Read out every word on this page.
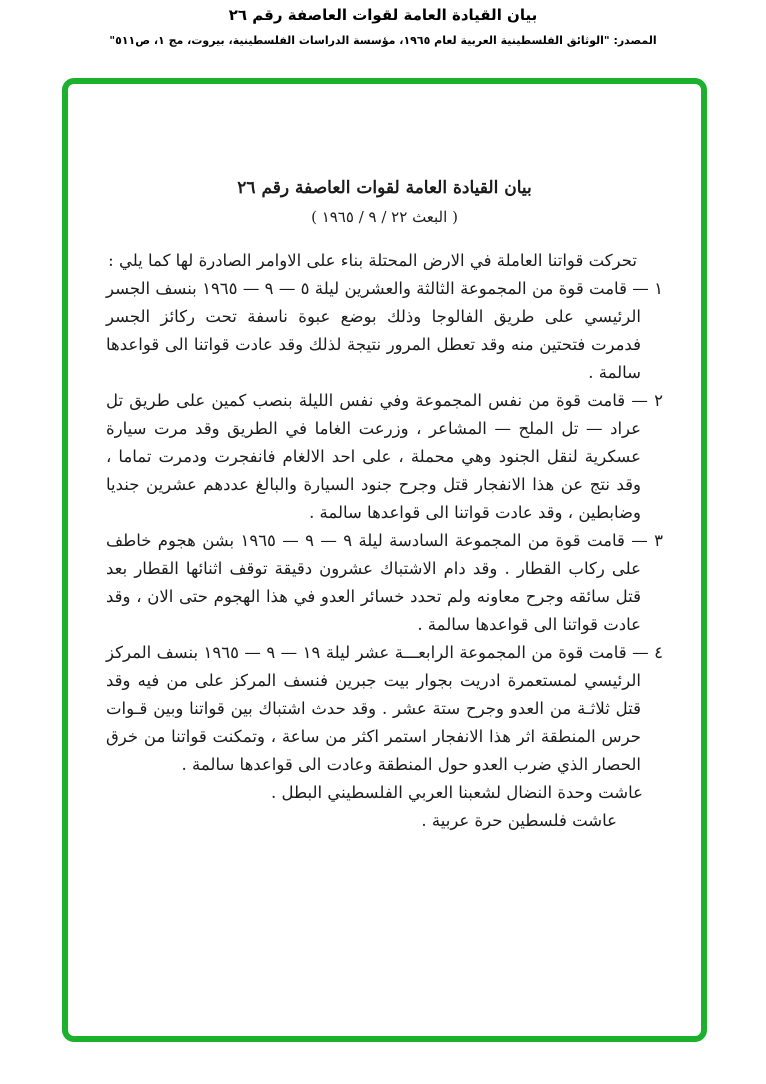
بيان القيادة العامة لقوات العاصفة رقم ٢٦
المصدر: "الوثائق الفلسطينية العربية لعام ١٩٦٥، مؤسسة الدراسات الفلسطينية، بيروت، مج ١، ص٥١١"
بيان القيادة العامة لقوات العاصفة رقم ٢٦
( البعث ٢٢ / ٩ / ١٩٦٥ )

تحركت قواتنا العاملة في الارض المحتلة بناء على الاوامر الصادرة لها كما يلي :

١ — قامت قوة من المجموعة الثالثة والعشرين ليلة ٥ — ٩ — ١٩٦٥ بنسف الجسر الرئيسي على طريق الفالوجا وذلك بوضع عبوة ناسفة تحت ركائز الجسر فدمرت فتحتين منه وقد تعطل المرور نتيجة لذلك وقد عادت قواتنا الى قواعدها سالمة .

٢ — قامت قوة من نفس المجموعة وفي نفس الليلة بنصب كمين على طريق تل عراد — تل الملح — المشاعر ، وزرعت الغاما في الطريق وقد مرت سيارة عسكرية لنقل الجنود وهي محملة ، على احد الالغام فانفجرت ودمرت تماما ، وقد نتج عن هذا الانفجار قتل وجرح جنود السيارة والبالغ عددهم عشرين جنديا وضابطين ، وقد عادت قواتنا الى قواعدها سالمة .

٣ — قامت قوة من المجموعة السادسة ليلة ٩ — ٩ — ١٩٦٥ بشن هجوم خاطف على ركاب القطار . وقد دام الاشتباك عشرون دقيقة توقف اثنائها القطار بعد قتل سائقه وجرح معاونه ولم تحدد خسائر العدو في هذا الهجوم حتى الان ، وقد عادت قواتنا الى قواعدها سالمة .

٤ — قامت قوة من المجموعة الرابعـــة عشر ليلة ١٩ — ٩ — ١٩٦٥ بنسف المركز الرئيسي لمستعمرة ادريت بجوار بيت جبرين فنسف المركز على من فيه وقد قتل ثلاثـة من العدو وجرح ستة عشر . وقد حدث اشتباك بين قواتنا وبين قـوات حرس المنطقة اثر هذا الانفجار استمر اكثر من ساعة ، وتمكنت قواتنا من خرق الحصار الذي ضرب العدو حول المنطقة وعادت الى قواعدها سالمة .

عاشت وحدة النضال لشعبنا العربي الفلسطيني البطل .

عاشت فلسطين حرة عربية .
